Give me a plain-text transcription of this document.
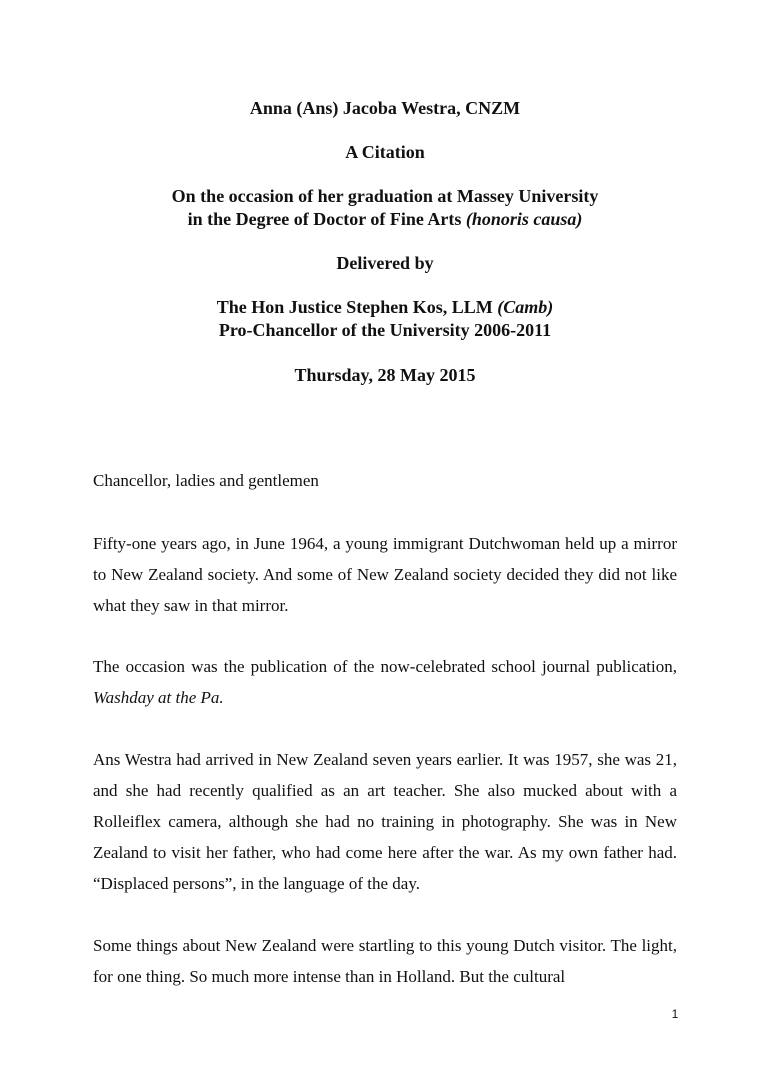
Anna (Ans) Jacoba Westra, CNZM

A Citation

On the occasion of her graduation at Massey University

in the Degree of Doctor of Fine Arts (honoris causa)

Delivered by

The Hon Justice Stephen Kos, LLM (Camb)

Pro-Chancellor of the University 2006-2011

Thursday, 28 May 2015

Chancellor, ladies and gentlemen

Fifty-one years ago, in June 1964, a young immigrant Dutchwoman held up a mirror to New Zealand society. And some of New Zealand society decided they did not like what they saw in that mirror.

The occasion was the publication of the now-celebrated school journal publication, Washday at the Pa.

Ans Westra had arrived in New Zealand seven years earlier. It was 1957, she was 21, and she had recently qualified as an art teacher. She also mucked about with a Rolleiflex camera, although she had no training in photography. She was in New Zealand to visit her father, who had come here after the war. As my own father had. “Displaced persons”, in the language of the day.

Some things about New Zealand were startling to this young Dutch visitor. The light, for one thing. So much more intense than in Holland. But the cultural

1
